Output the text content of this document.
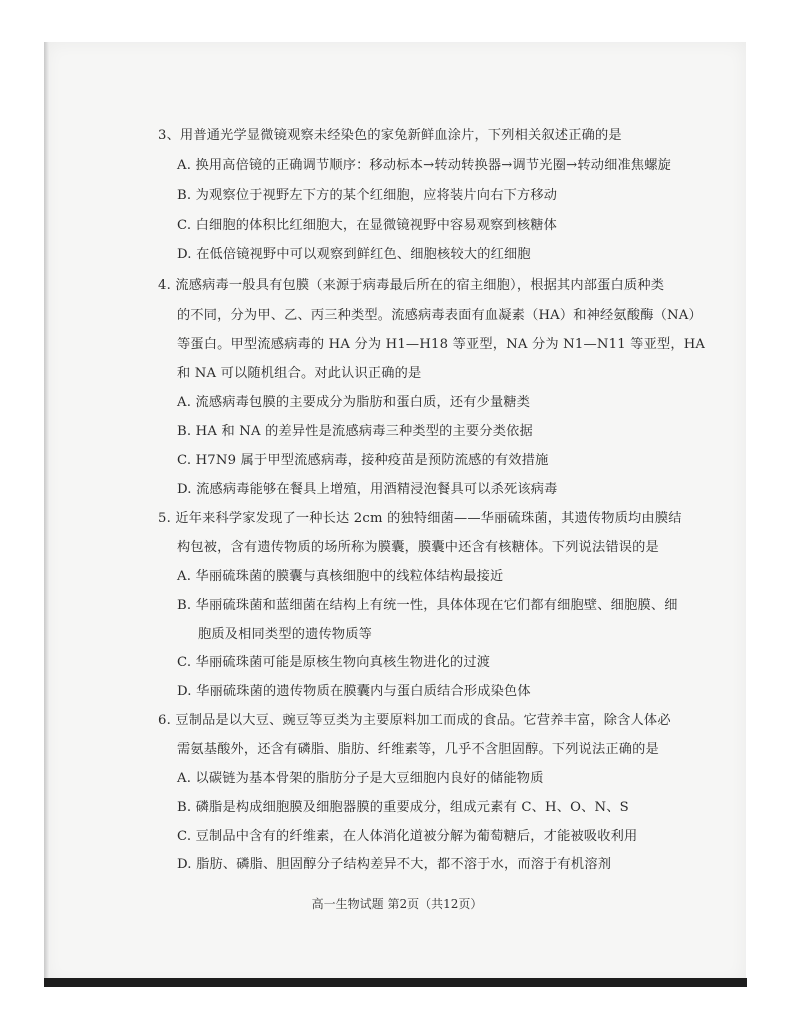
3、用普通光学显微镜观察未经染色的家兔新鲜血涂片，下列相关叙述正确的是
A. 换用高倍镜的正确调节顺序：移动标本→转动转换器→调节光圈→转动细准焦螺旋
B. 为观察位于视野左下方的某个红细胞，应将装片向右下方移动
C. 白细胞的体积比红细胞大，在显微镜视野中容易观察到核糖体
D. 在低倍镜视野中可以观察到鲜红色、细胞核较大的红细胞
4. 流感病毒一般具有包膜（来源于病毒最后所在的宿主细胞），根据其内部蛋白质种类
的不同，分为甲、乙、丙三种类型。流感病毒表面有血凝素（HA）和神经氨酸酶（NA）
等蛋白。甲型流感病毒的 HA 分为 H1—H18 等亚型，NA 分为 N1—N11 等亚型，HA
和 NA 可以随机组合。对此认识正确的是
A. 流感病毒包膜的主要成分为脂肪和蛋白质，还有少量糖类
B. HA 和 NA 的差异性是流感病毒三种类型的主要分类依据
C. H7N9 属于甲型流感病毒，接种疫苗是预防流感的有效措施
D. 流感病毒能够在餐具上增殖，用酒精浸泡餐具可以杀死该病毒
5. 近年来科学家发现了一种长达 2cm 的独特细菌——华丽硫珠菌，其遗传物质均由膜结
构包被，含有遗传物质的场所称为膜囊，膜囊中还含有核糖体。下列说法错误的是
A. 华丽硫珠菌的膜囊与真核细胞中的线粒体结构最接近
B. 华丽硫珠菌和蓝细菌在结构上有统一性，具体体现在它们都有细胞壁、细胞膜、细
胞质及相同类型的遗传物质等
C. 华丽硫珠菌可能是原核生物向真核生物进化的过渡
D. 华丽硫珠菌的遗传物质在膜囊内与蛋白质结合形成染色体
6. 豆制品是以大豆、豌豆等豆类为主要原料加工而成的食品。它营养丰富，除含人体必
需氨基酸外，还含有磷脂、脂肪、纤维素等，几乎不含胆固醇。下列说法正确的是
A. 以碳链为基本骨架的脂肪分子是大豆细胞内良好的储能物质
B. 磷脂是构成细胞膜及细胞器膜的重要成分，组成元素有 C、H、O、N、S
C. 豆制品中含有的纤维素，在人体消化道被分解为葡萄糖后，才能被吸收利用
D. 脂肪、磷脂、胆固醇分子结构差异不大，都不溶于水，而溶于有机溶剂
高一生物试题 第2页（共12页）
